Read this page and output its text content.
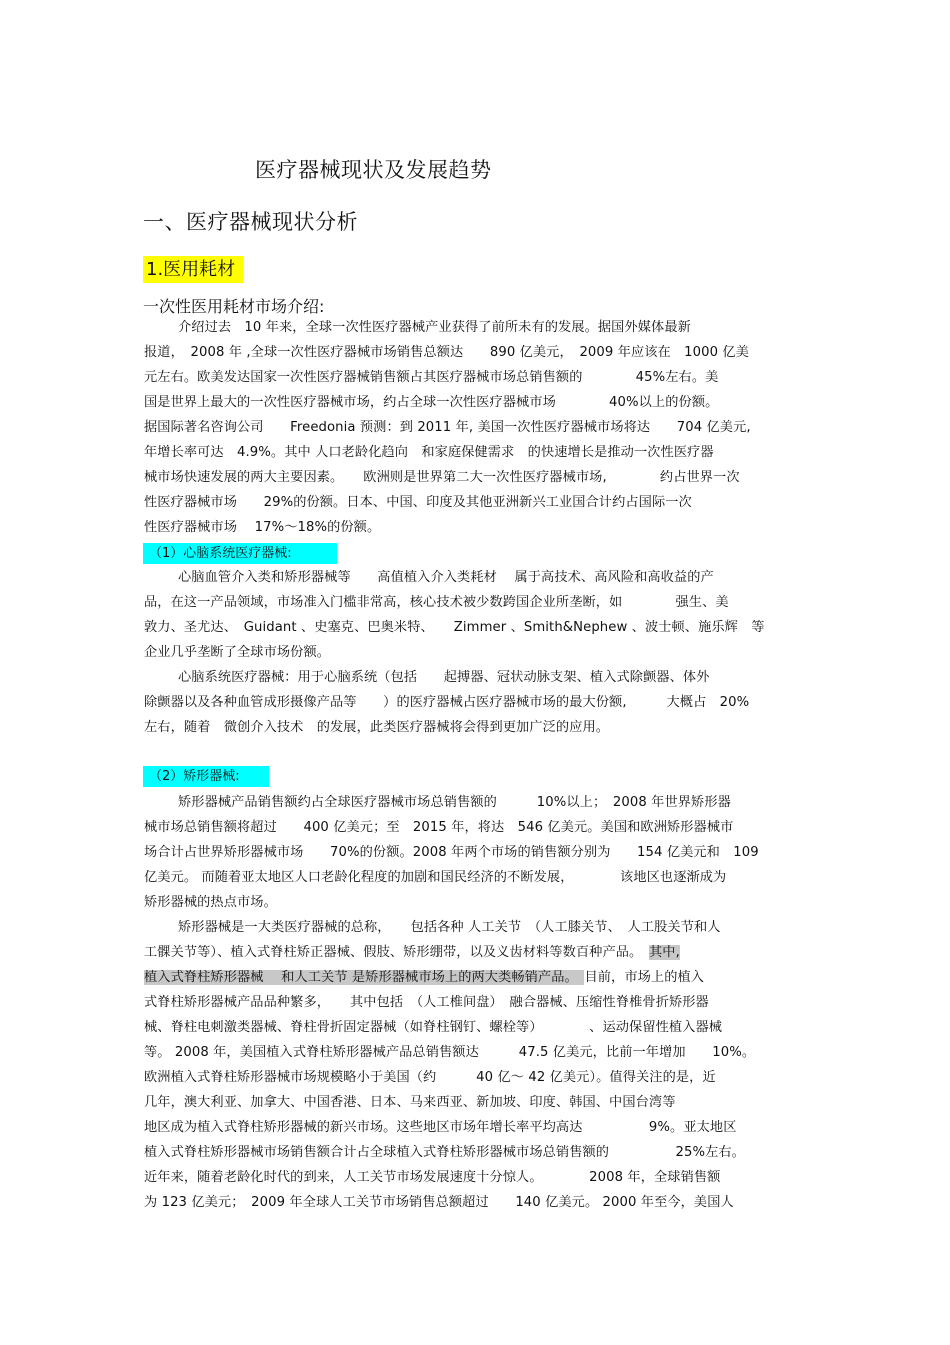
医疗器械现状及发展趋势
一、医疗器械现状分析
1.医用耗材
一次性医用耗材市场介绍:
介绍过去　10 年来，全球一次性医疗器械产业获得了前所未有的发展。据国外媒体最新
报道，　2008 年 ,全球一次性医疗器械市场销售总额达　　890 亿美元，　2009 年应该在　1000 亿美
元左右。欧美发达国家一次性医疗器械销售额占其医疗器械市场总销售额的　　　　45%左右。美
国是世界上最大的一次性医疗器械市场，约占全球一次性医疗器械市场　　　　40%以上的份额。
据国际著名咨询公司　　Freedonia 预测：到 2011 年, 美国一次性医疗器械市场将达　　704 亿美元,
年增长率可达　4.9%。其中 人口老龄化趋向　和家庭保健需求　的快速增长是推动一次性医疗器
械市场快速发展的两大主要因素。　　欧洲则是世界第二大一次性医疗器械市场,　　　　约占世界一次
性医疗器械市场　　29%的份额。日本、中国、印度及其他亚洲新兴工业国合计约占国际一次
性医疗器械市场　 17%～18%的份额。
（1）心脑系统医疗器械:
心脑血管介入类和矫形器械等　　高值植入介入类耗材　 属于高技术、高风险和高收益的产
品，在这一产品领域，市场准入门槛非常高，核心技术被少数跨国企业所垄断，如　　　　强生、美
敦力、圣尤达、　Guidant 、史塞克、巴奥米特、　　Zimmer 、Smith&Nephew 、波士顿、施乐辉　等
企业几乎垄断了全球市场份额。
心脑系统医疗器械：用于心脑系统（包括　　起搏器、冠状动脉支架、植入式除颤器、体外
除颤器以及各种血管成形摄像产品等　　）的医疗器械占医疗器械市场的最大份额,　　　大概占　20%
左右，随着　微创介入技术　的发展，此类医疗器械将会得到更加广泛的应用。
（2）矫形器械:
矫形器械产品销售额约占全球医疗器械市场总销售额的　　　10%以上；　2008 年世界矫形器
械市场总销售额将超过　　400 亿美元；至　2015 年，将达　546 亿美元。美国和欧洲矫形器械市
场合计占世界矫形器械市场　　70%的份额。2008 年两个市场的销售额分别为　　154 亿美元和　109
亿美元。 而随着亚太地区人口老龄化程度的加剧和国民经济的不断发展，　　　　该地区也逐渐成为
矫形器械的热点市场。
矫形器械是一大类医疗器械的总称，　　包括各种 人工关节　（人工膝关节、　人工股关节和人
工髁关节等）、植入式脊柱矫正器械、假肢、矫形绷带，以及义齿材料等数百种产品。　其中,
植入式脊柱矫形器械　 和人工关节 是矫形器械市场上的两大类畅销产品。　目前，市场上的植入
式脊柱矫形器械产品品种繁多，　　其中包括　（人工椎间盘）　融合器械、压缩性脊椎骨折矫形器
械、脊柱电刺激类器械、脊柱骨折固定器械（如脊柱钢钉、螺栓等）　　　　、运动保留性植入器械
等。 2008 年，美国植入式脊柱矫形器械产品总销售额达　　　47.5 亿美元，比前一年增加　　10%。
欧洲植入式脊柱矫形器械市场规模略小于美国（约　　　40 亿～ 42 亿美元）。值得关注的是，近
几年，澳大利亚、加拿大、中国香港、日本、马来西亚、新加坡、印度、韩国、中国台湾等
地区成为植入式脊柱矫形器械的新兴市场。这些地区市场年增长率平均高达　　　　　9%。亚太地区
植入式脊柱矫形器械市场销售额合计占全球植入式脊柱矫形器械市场总销售额的　　　　　25%左右。
近年来，随着老龄化时代的到来，人工关节市场发展速度十分惊人。　　　　2008 年，全球销售额
为 123 亿美元；　2009 年全球人工关节市场销售总额超过　　140 亿美元。 2000 年至今，美国人
